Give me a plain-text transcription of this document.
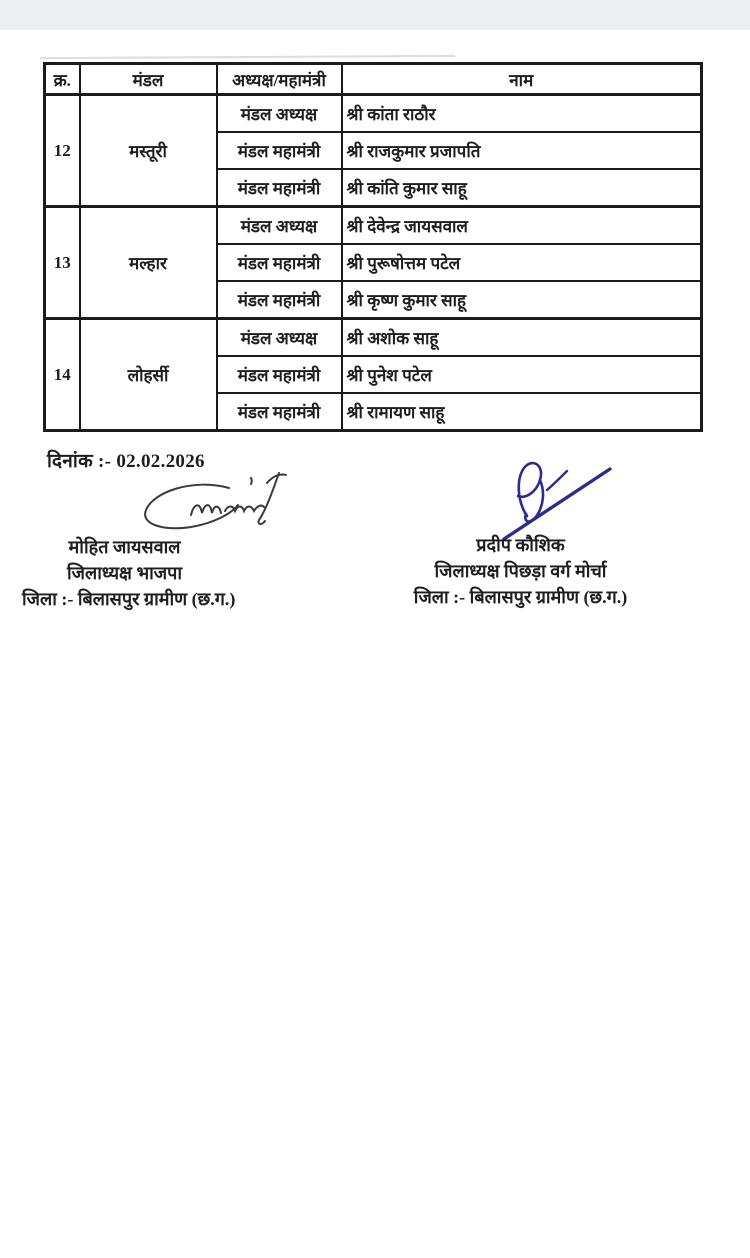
क्र.	मंडल	अध्यक्ष/महामंत्री	नाम
12	मस्तूरी	मंडल अध्यक्ष	श्री कांता राठौर
		मंडल महामंत्री	श्री राजकुमार प्रजापति
		मंडल महामंत्री	श्री कांति कुमार साहू
13	मल्हार	मंडल अध्यक्ष	श्री देवेन्द्र जायसवाल
		मंडल महामंत्री	श्री पुरूषोत्तम पटेल
		मंडल महामंत्री	श्री कृष्ण कुमार साहू
14	लोहर्सी	मंडल अध्यक्ष	श्री अशोक साहू
		मंडल महामंत्री	श्री पुनेश पटेल
		मंडल महामंत्री	श्री रामायण साहू
दिनांक :- 02.02.2026
मोहित जायसवाल
जिलाध्यक्ष भाजपा
जिला :- बिलासपुर ग्रामीण (छ.ग.)
प्रदीप कौशिक
जिलाध्यक्ष पिछड़ा वर्ग मोर्चा
जिला :- बिलासपुर ग्रामीण (छ.ग.)
